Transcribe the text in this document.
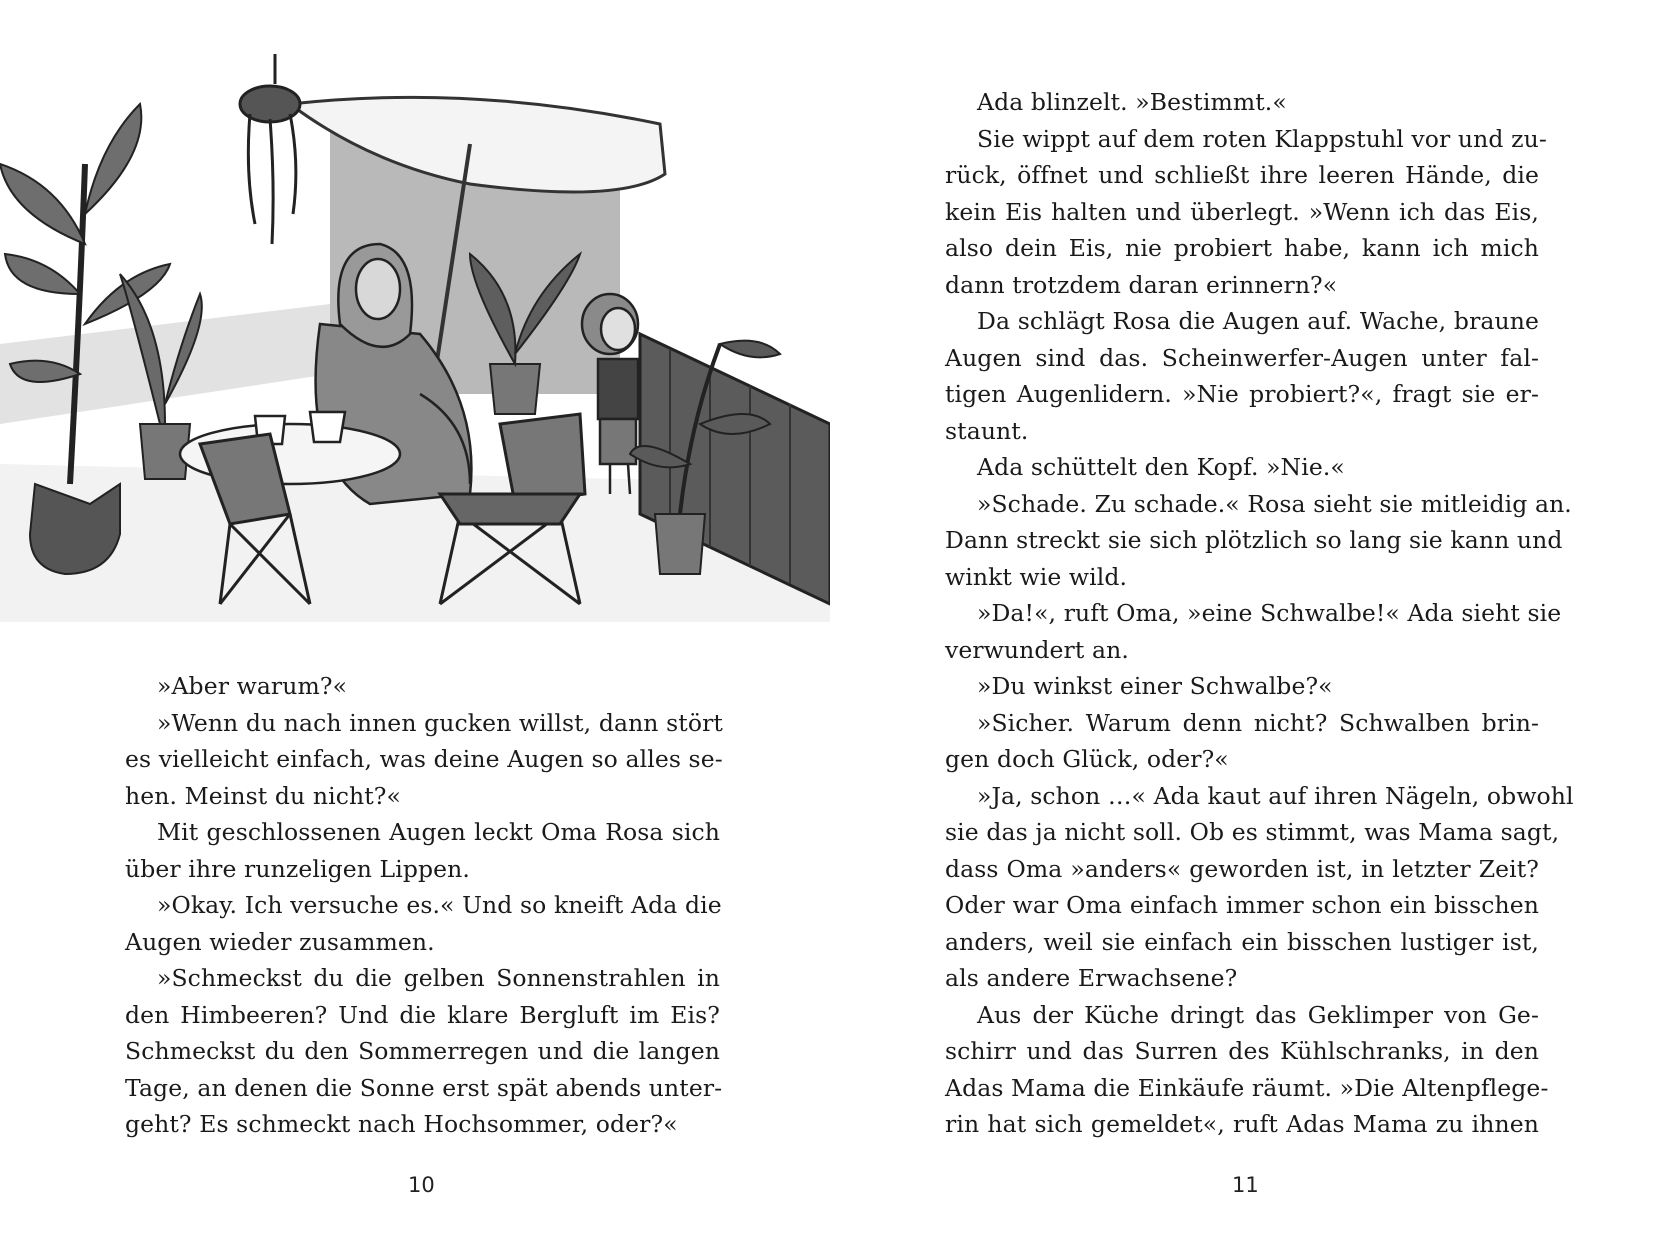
»Aber warum?«
»Wenn du nach innen gucken willst, dann stört
es vielleicht einfach, was deine Augen so alles se-
hen. Meinst du nicht?«
Mit geschlossenen Augen leckt Oma Rosa sich
über ihre runzeligen Lippen.
»Okay. Ich versuche es.« Und so kneift Ada die
Augen wieder zusammen.
»Schmeckst du die gelben Sonnenstrahlen in
den Himbeeren? Und die klare Bergluft im Eis?
Schmeckst du den Sommerregen und die langen
Tage, an denen die Sonne erst spät abends unter-
geht? Es schmeckt nach Hochsommer, oder?«
Ada blinzelt. »Bestimmt.«
Sie wippt auf dem roten Klappstuhl vor und zu-
rück, öffnet und schließt ihre leeren Hände, die
kein Eis halten und überlegt. »Wenn ich das Eis,
also dein Eis, nie probiert habe, kann ich mich
dann trotzdem daran erinnern?«
Da schlägt Rosa die Augen auf. Wache, braune
Augen sind das. Scheinwerfer-Augen unter fal-
tigen Augenlidern. »Nie probiert?«, fragt sie er-
staunt.
Ada schüttelt den Kopf. »Nie.«
»Schade. Zu schade.« Rosa sieht sie mitleidig an.
Dann streckt sie sich plötzlich so lang sie kann und
winkt wie wild.
»Da!«, ruft Oma, »eine Schwalbe!« Ada sieht sie
verwundert an.
»Du winkst einer Schwalbe?«
»Sicher. Warum denn nicht? Schwalben brin-
gen doch Glück, oder?«
»Ja, schon …« Ada kaut auf ihren Nägeln, obwohl
sie das ja nicht soll. Ob es stimmt, was Mama sagt,
dass Oma »anders« geworden ist, in letzter Zeit?
Oder war Oma einfach immer schon ein bisschen
anders, weil sie einfach ein bisschen lustiger ist,
als andere Erwachsene?
Aus der Küche dringt das Geklimper von Ge-
schirr und das Surren des Kühlschranks, in den
Adas Mama die Einkäufe räumt. »Die Altenpflege-
rin hat sich gemeldet«, ruft Adas Mama zu ihnen
10	11
